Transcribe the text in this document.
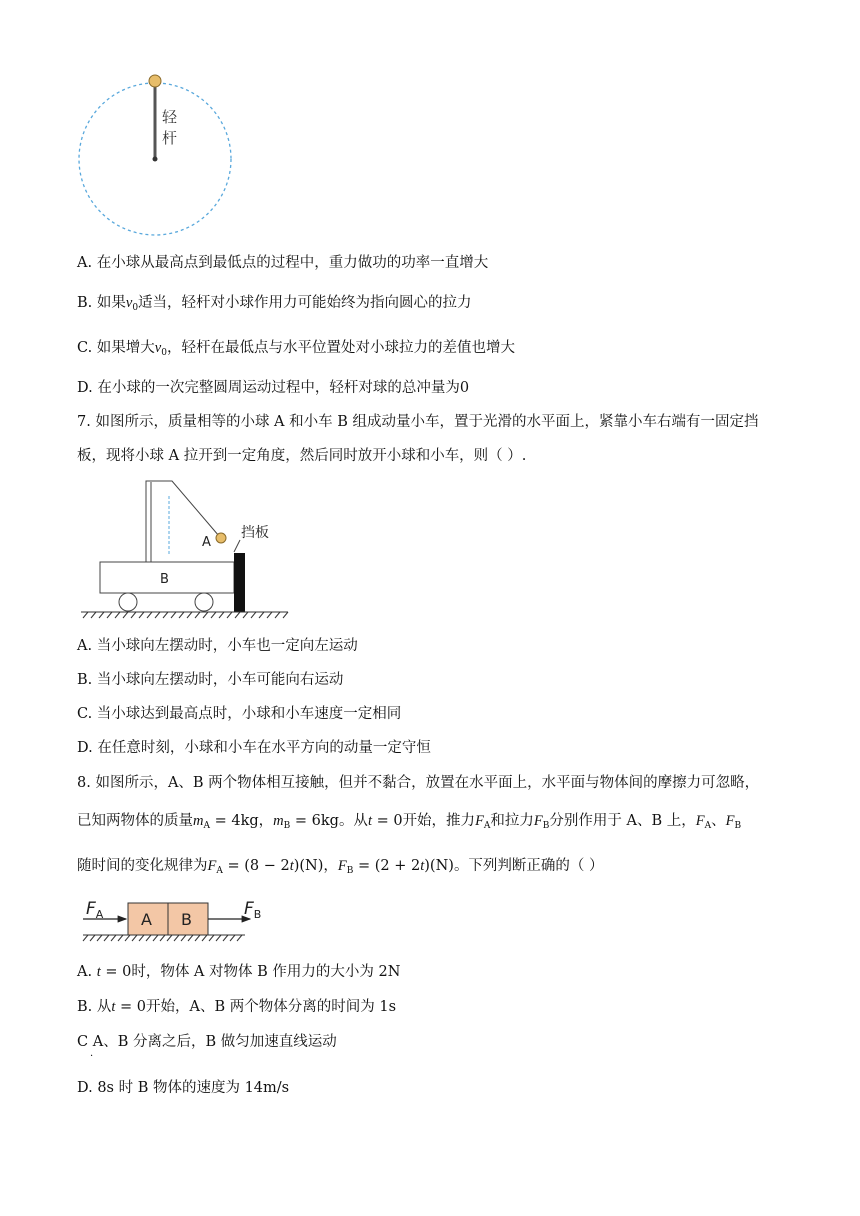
轻
杆
A. 在小球从最高点到最低点的过程中，重力做功的功率一直增大
B. 如果$v_0$适当，轻杆对小球作用力可能始终为指向圆心的拉力
C. 如果增大$v_0$，轻杆在最低点与水平位置处对小球拉力的差值也增大
D. 在小球的一次完整圆周运动过程中，轻杆对球的总冲量为0
7. 如图所示，质量相等的小球 A 和小车 B 组成动量小车，置于光滑的水平面上，紧靠小车右端有一固定挡
板，现将小球 A 拉开到一定角度，然后同时放开小球和小车，则（ ）.
A
挡板
B
A. 当小球向左摆动时，小车也一定向左运动
B. 当小球向左摆动时，小车可能向右运动
C. 当小球达到最高点时，小球和小车速度一定相同
D. 在任意时刻，小球和小车在水平方向的动量一定守恒
8. 如图所示，A、B 两个物体相互接触，但并不黏合，放置在水平面上，水平面与物体间的摩擦力可忽略，
已知两物体的质量$m_A = 4kg$，$m_B = 6kg$。从t = 0开始，推力$F_A$和拉力$F_B$分别作用于 A、B 上，$F_A$、$F_B$
随时间的变化规律为$F_A = (8 - 2t)(N)$，$F_B = (2 + 2t)(N)$。下列判断正确的（ ）
$F_A$ A B
$F_B$
A. t = 0时，物体 A 对物体 B 作用力的大小为 2N
B. 从t = 0开始，A、B 两个物体分离的时间为 1s
C A、B 分离之后，B 做匀加速直线运动
·
D. 8s 时 B 物体的速度为 14m/s
